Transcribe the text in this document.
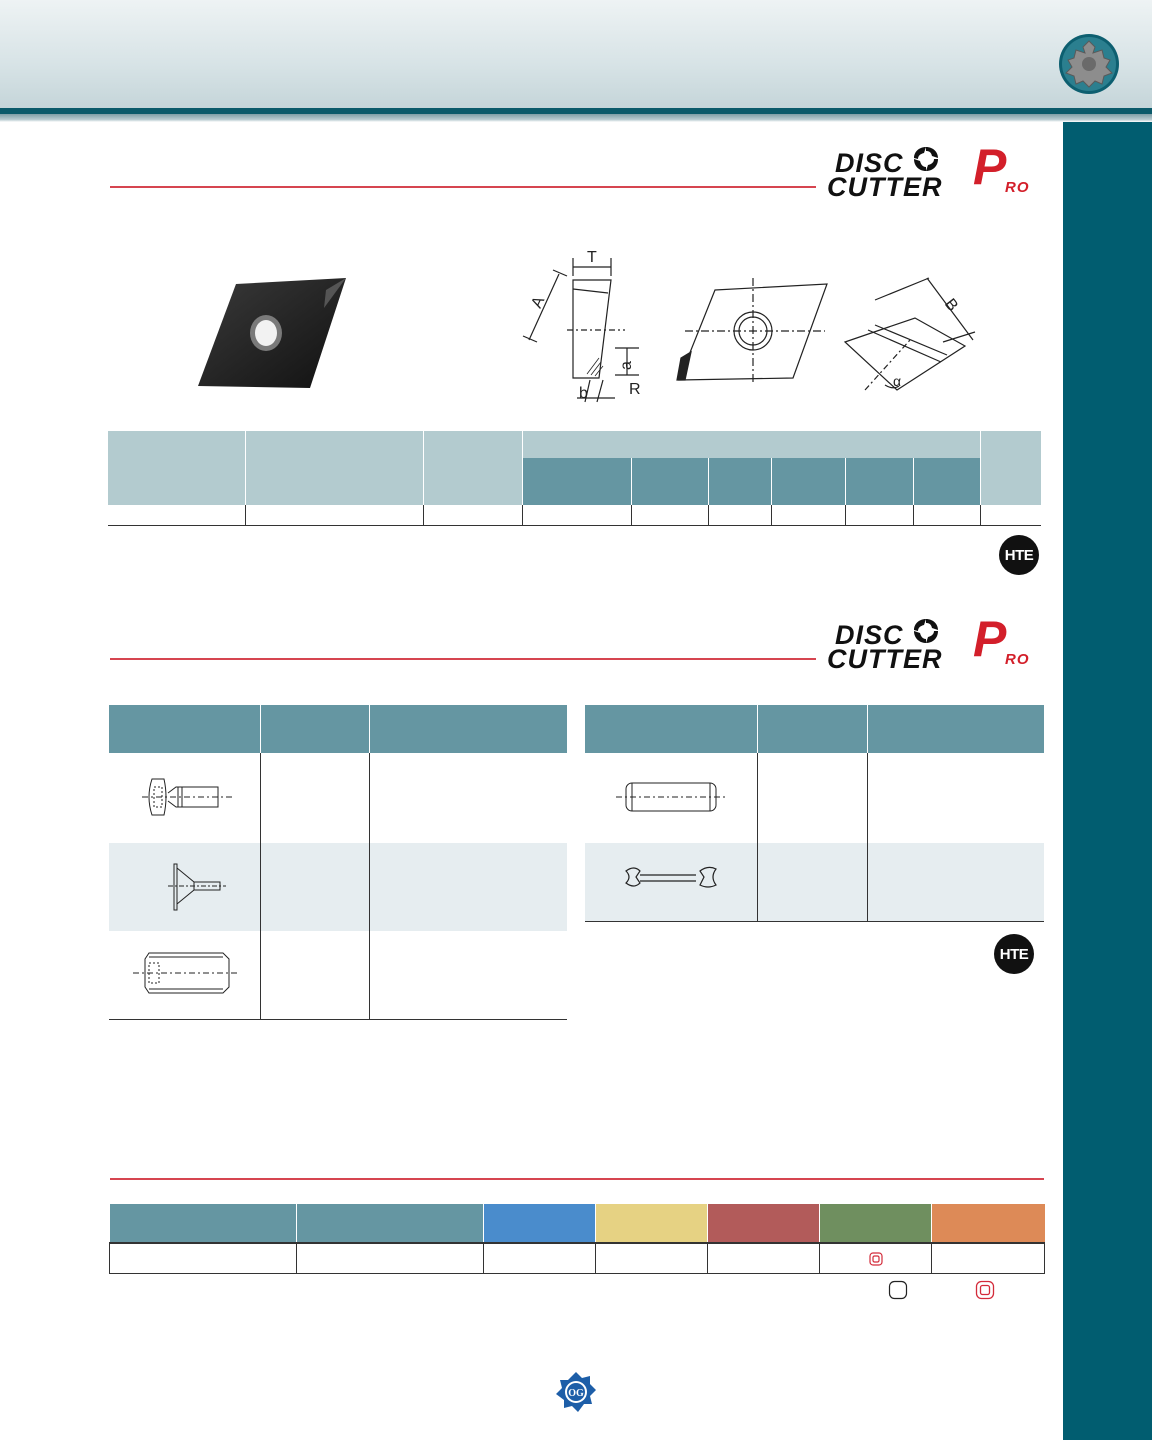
DISC
CUTTER P
RO
T
A
a
b	R
B
α

HTE
DISC
CUTTER P
RO

HTE

OG
